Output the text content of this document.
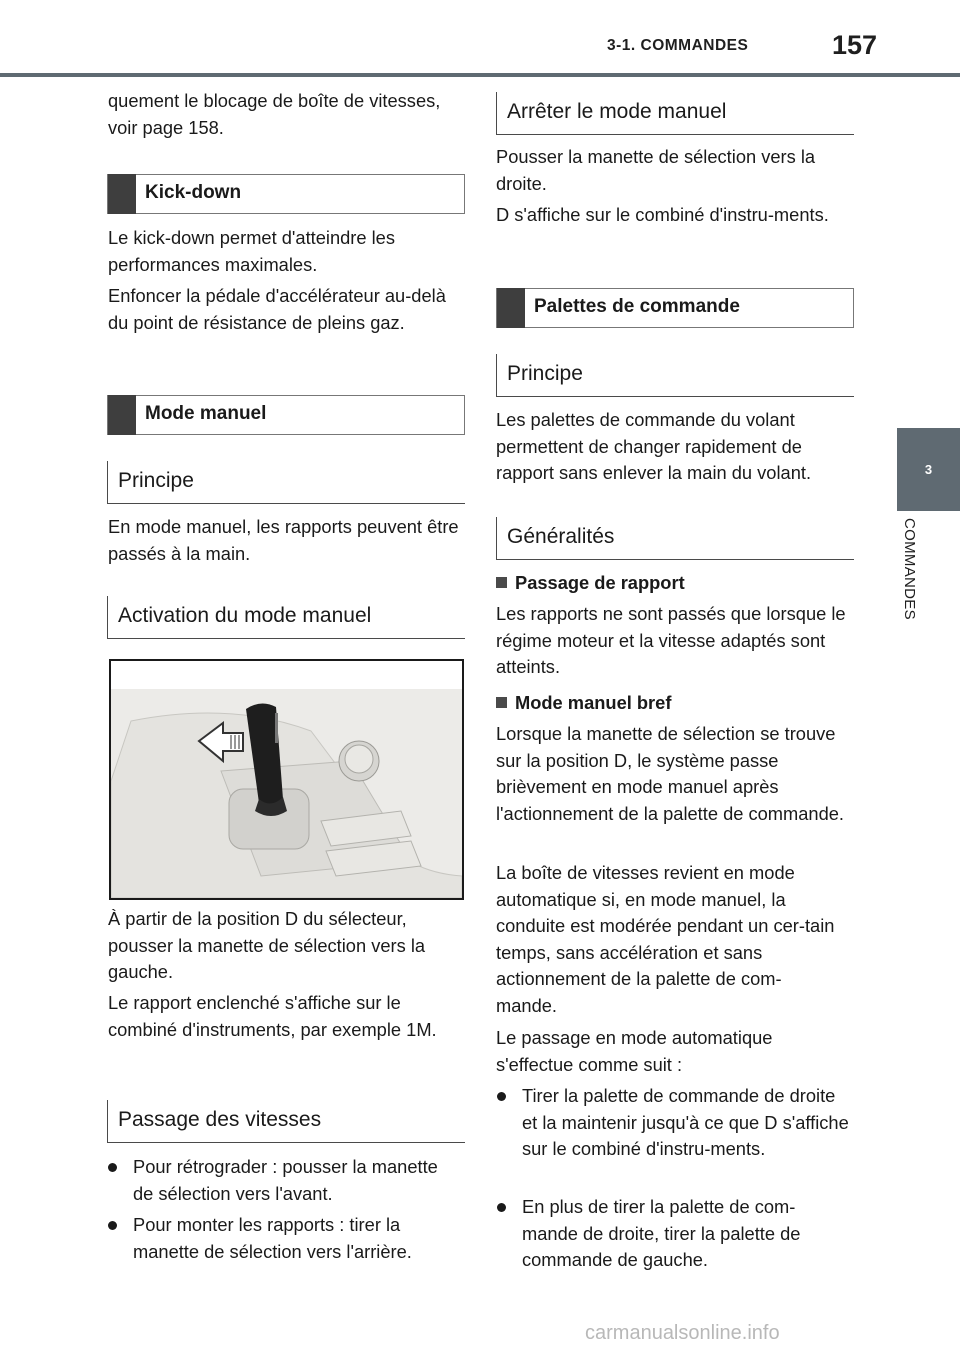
3-1. COMMANDES	157
3
COMMANDES

quement le blocage de boîte de vitesses, voir page 158.

Kick-down

Le kick-down permet d'atteindre les performances maximales.

Enfoncer la pédale d'accélérateur au-delà du point de résistance de pleins gaz.

Mode manuel
Principe

En mode manuel, les rapports peuvent être passés à la main.

Activation du mode manuel

À partir de la position D du sélecteur, pousser la manette de sélection vers la gauche.

Le rapport enclenché s'affiche sur le combiné d'instruments, par exemple 1M.

Passage des vitesses
Pour rétrograder : pousser la manette de sélection vers l'avant.
Pour monter les rapports : tirer la manette de sélection vers l'arrière.
Arrêter le mode manuel

Pousser la manette de sélection vers la droite.

D s'affiche sur le combiné d'instru-ments.

Palettes de commande
Principe

Les palettes de commande du volant permettent de changer rapidement de rapport sans enlever la main du volant.

Généralités

Passage de rapport

Les rapports ne sont passés que lorsque le régime moteur et la vitesse adaptés sont atteints.

Mode manuel bref

Lorsque la manette de sélection se trouve sur la position D, le système passe brièvement en mode manuel après l'actionnement de la palette de commande.

La boîte de vitesses revient en mode automatique si, en mode manuel, la conduite est modérée pendant un cer-tain temps, sans accélération et sans actionnement de la palette de com-mande.

Le passage en mode automatique s'effectue comme suit :

Tirer la palette de commande de droite et la maintenir jusqu'à ce que D s'affiche sur le combiné d'instru-ments.
En plus de tirer la palette de com-mande de droite, tirer la palette de commande de gauche.
carmanualsonline.info
